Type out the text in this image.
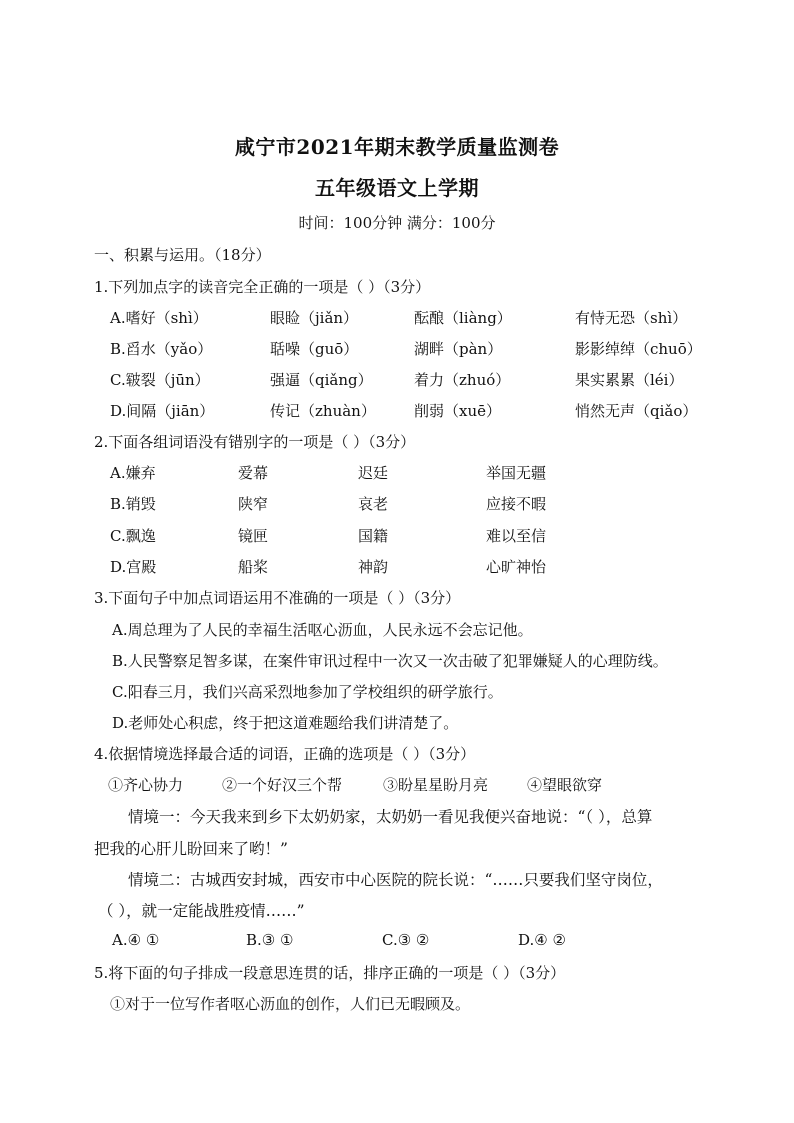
咸宁市2021年期末教学质量监测卷
五年级语文上学期
时间：100分钟 满分：100分
一、积累与运用。（18分）
1.下列加点字的读音完全正确的一项是（ ）（3分）
A.嗜好（shì）	眼睑（jiǎn）	酝酿（liàng）	有恃无恐（shì）
B.舀水（yǎo）	聒噪（guō）	湖畔（pàn）	影影绰绰（chuō）
C.皲裂（jūn）	强逼（qiǎng）	着力（zhuó）	果实累累（léi）
D.间隔（jiān）	传记（zhuàn）	削弱（xuē）	悄然无声（qiǎo）
2.下面各组词语没有错别字的一项是（ ）（3分）
A.嫌弃	爱幕	迟廷	举国无疆
B.销毁	陕窄	哀老	应接不暇
C.飘逸	镜匣	国籍	难以至信
D.宫殿	船桨	神韵	心旷神怡
3.下面句子中加点词语运用不准确的一项是（ ）（3分）
A.周总理为了人民的幸福生活呕心沥血，人民永远不会忘记他。
B.人民警察足智多谋，在案件审讯过程中一次又一次击破了犯罪嫌疑人的心理防线。
C.阳春三月，我们兴高采烈地参加了学校组织的研学旅行。
D.老师处心积虑，终于把这道难题给我们讲清楚了。
4.依据情境选择最合适的词语，正确的选项是（ ）（3分）
①齐心协力	②一个好汉三个帮	③盼星星盼月亮	④望眼欲穿
情境一：今天我来到乡下太奶奶家，太奶奶一看见我便兴奋地说：“（ ），总算
把我的心肝儿盼回来了哟！”
情境二：古城西安封城，西安市中心医院的院长说：“……只要我们坚守岗位，
（ ），就一定能战胜疫情……”
A.④ ①	B.③ ①	C.③ ②	D.④ ②
5.将下面的句子排成一段意思连贯的话，排序正确的一项是（ ）（3分）
①对于一位写作者呕心沥血的创作，人们已无暇顾及。
